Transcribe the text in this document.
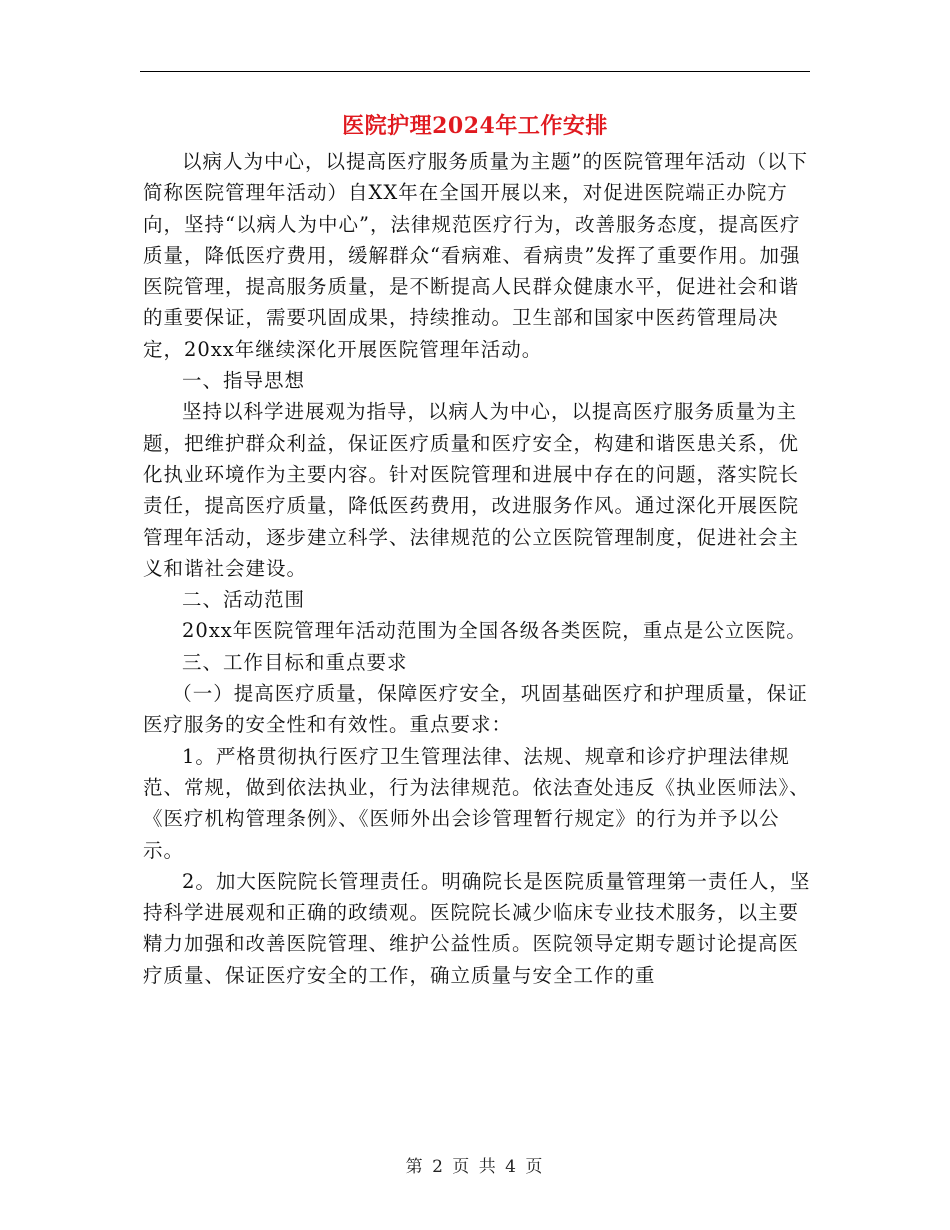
医院护理2024年工作安排

以病人为中心，以提高医疗服务质量为主题”的医院管理年活动（以下简称医院管理年活动）自XX年在全国开展以来，对促进医院端正办院方向，坚持“以病人为中心”，法律规范医疗行为，改善服务态度，提高医疗质量，降低医疗费用，缓解群众“看病难、看病贵”发挥了重要作用。加强医院管理，提高服务质量，是不断提高人民群众健康水平，促进社会和谐的重要保证，需要巩固成果，持续推动。卫生部和国家中医药管理局决定，20xx年继续深化开展医院管理年活动。

一、指导思想

坚持以科学进展观为指导，以病人为中心，以提高医疗服务质量为主题，把维护群众利益，保证医疗质量和医疗安全，构建和谐医患关系，优化执业环境作为主要内容。针对医院管理和进展中存在的问题，落实院长责任，提高医疗质量，降低医药费用，改进服务作风。通过深化开展医院管理年活动，逐步建立科学、法律规范的公立医院管理制度，促进社会主义和谐社会建设。

二、活动范围

20xx年医院管理年活动范围为全国各级各类医院，重点是公立医院。

三、工作目标和重点要求

（一）提高医疗质量，保障医疗安全，巩固基础医疗和护理质量，保证医疗服务的安全性和有效性。重点要求：

1。严格贯彻执行医疗卫生管理法律、法规、规章和诊疗护理法律规范、常规，做到依法执业，行为法律规范。依法查处违反《执业医师法》、《医疗机构管理条例》、《医师外出会诊管理暂行规定》的行为并予以公示。

2。加大医院院长管理责任。明确院长是医院质量管理第一责任人，坚持科学进展观和正确的政绩观。医院院长减少临床专业技术服务，以主要精力加强和改善医院管理、维护公益性质。医院领导定期专题讨论提高医疗质量、保证医疗安全的工作，确立质量与安全工作的重

第 2 页 共 4 页
